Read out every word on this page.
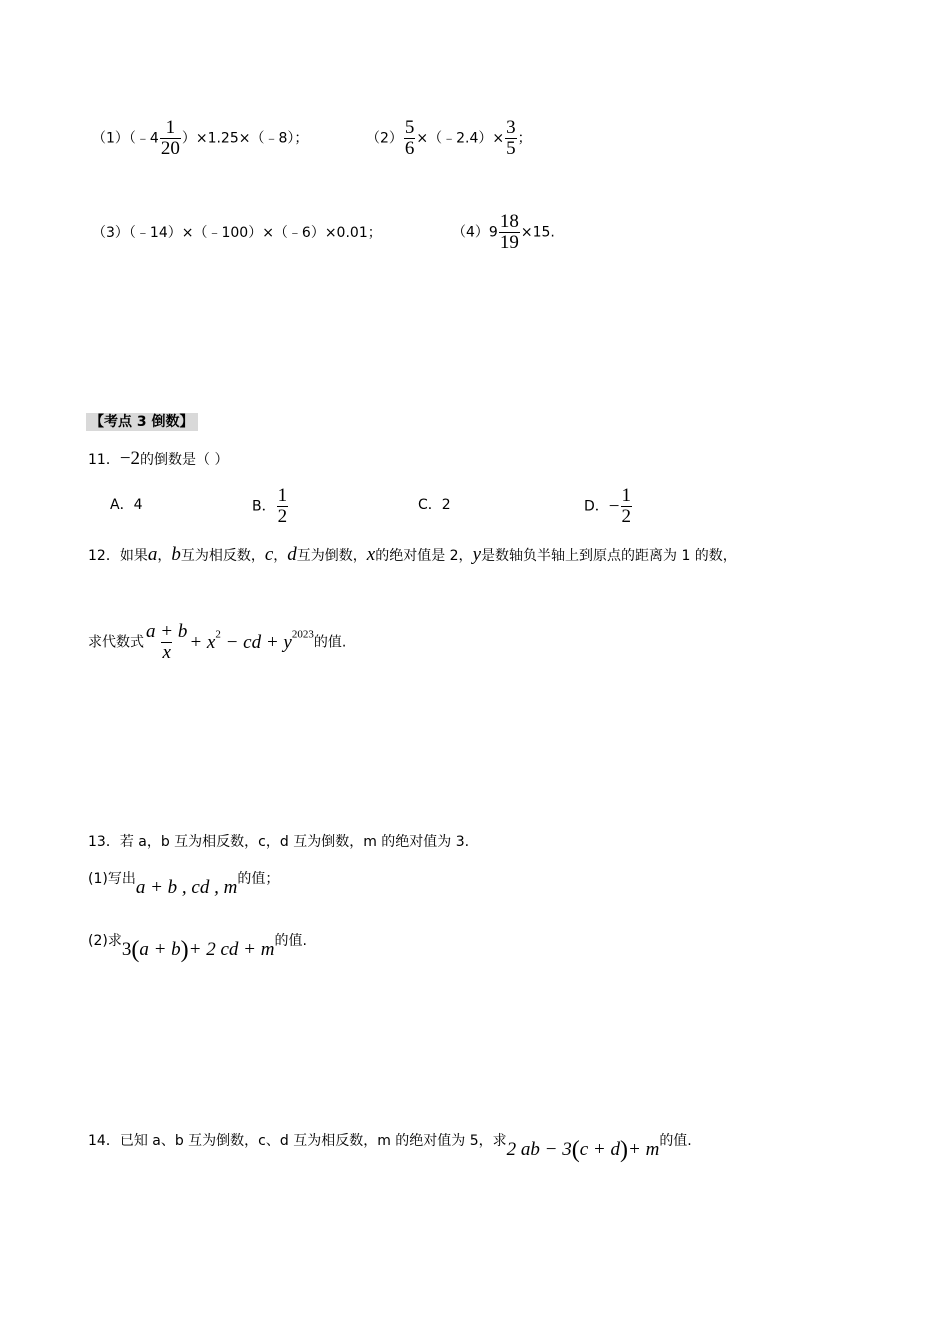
（1）（﹣4 $\frac{1}{20}$ ）×1.25×（﹣8）；	$(2) \frac{5}{6}$ ×（﹣2.4）× $\frac{3}{5}$ ；
（3）（﹣14）×（﹣100）×（﹣6）×0.01；	$(4)9 \frac{18}{19} \times 15$.
【考点 3 倒数】
11．−2的倒数是（ ）
A．4	B． $\frac{1}{2}$	C．2	D．− $\frac{1}{2}$
12．如果a，b互为相反数，c，d互为倒数，x的绝对值是 2，y是数轴负半轴上到原点的距离为 1 的数，
求代数式 $\frac{a + b}{x} + x^2$ − cd + $y^{2023}$的值.
13．若 a，b 互为相反数，c，d 互为倒数，m 的绝对值为 3.
(1)写出a + b , cd , m的值；
(2)求3(a + b)+ 2 cd + m的值.
14．已知 a、b 互为倒数，c、d 互为相反数，m 的绝对值为 5，求2 ab − 3(c + d)+ m的值.
